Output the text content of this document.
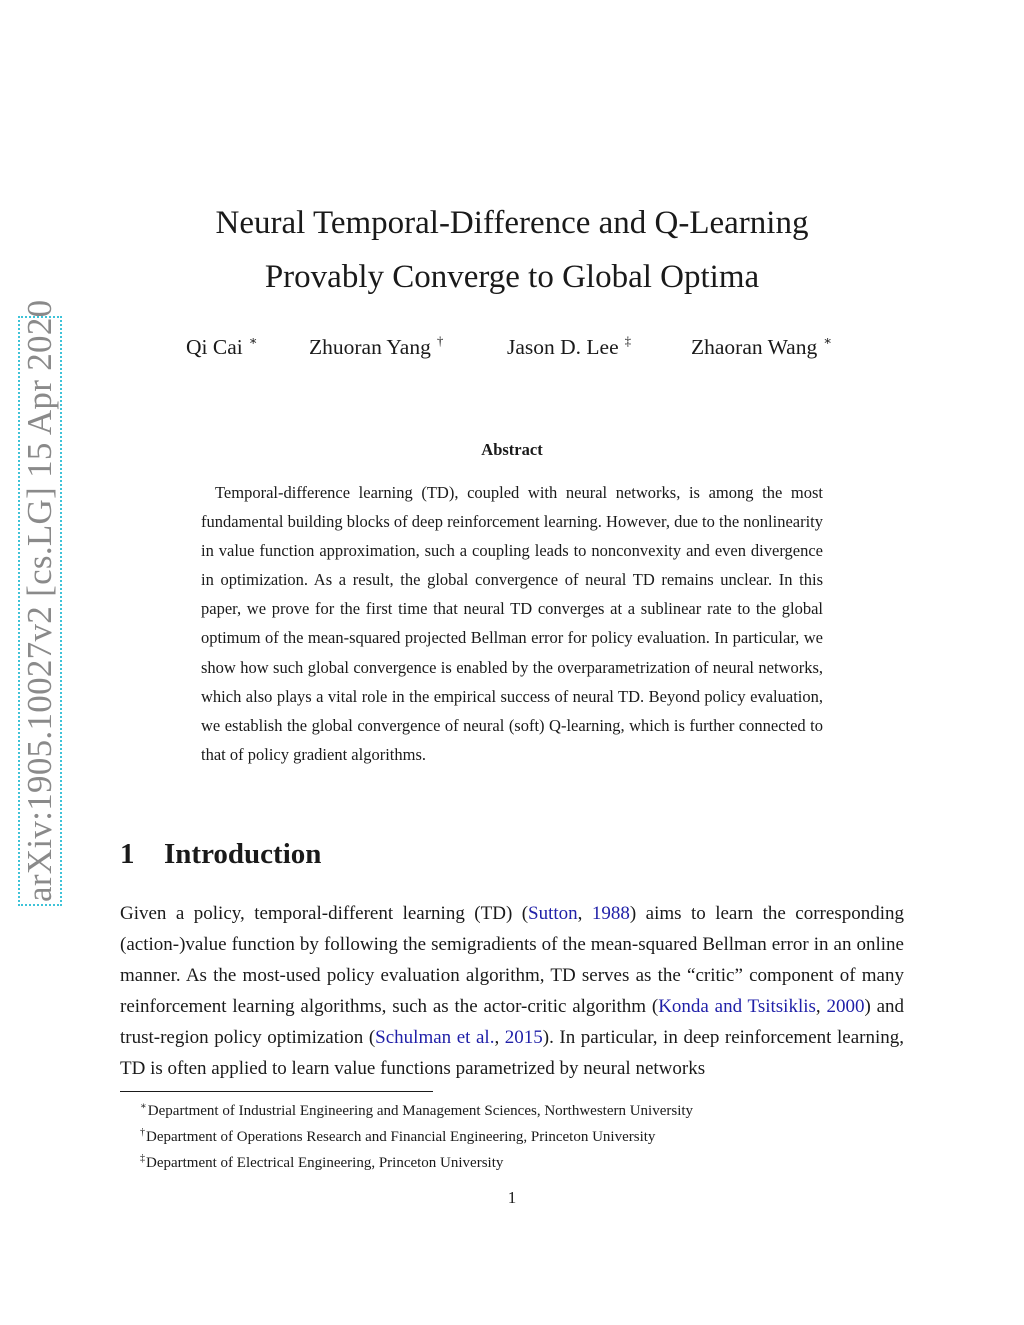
arXiv:1905.10027v2 [cs.LG] 15 Apr 2020
Neural Temporal-Difference and Q-Learning
Provably Converge to Global Optima
Qi Cai ∗ Zhuoran Yang †	Jason D. Lee ‡	Zhaoran Wang ∗
Abstract

Temporal-difference learning (TD), coupled with neural networks, is among the most fundamental building blocks of deep reinforcement learning. However, due to the nonlinearity in value function approximation, such a coupling leads to nonconvexity and even divergence in optimization. As a result, the global convergence of neural TD remains unclear. In this paper, we prove for the first time that neural TD converges at a sublinear rate to the global optimum of the mean-squared projected Bellman error for policy evaluation. In particular, we show how such global convergence is enabled by the overparametrization of neural networks, which also plays a vital role in the empirical success of neural TD. Beyond policy evaluation, we establish the global convergence of neural (soft) Q-learning, which is further connected to that of policy gradient algorithms.

1 Introduction

Given a policy, temporal-different learning (TD) (Sutton, 1988) aims to learn the corresponding (action-)value function by following the semigradients of the mean-squared Bellman error in an online manner. As the most-used policy evaluation algorithm, TD serves as the “critic” component of many reinforcement learning algorithms, such as the actor-critic algorithm (Konda and Tsitsiklis, 2000) and trust-region policy optimization (Schulman et al., 2015). In particular, in deep reinforcement learning, TD is often applied to learn value functions parametrized by neural networks

∗Department of Industrial Engineering and Management Sciences, Northwestern University
†Department of Operations Research and Financial Engineering, Princeton University
‡Department of Electrical Engineering, Princeton University
1
